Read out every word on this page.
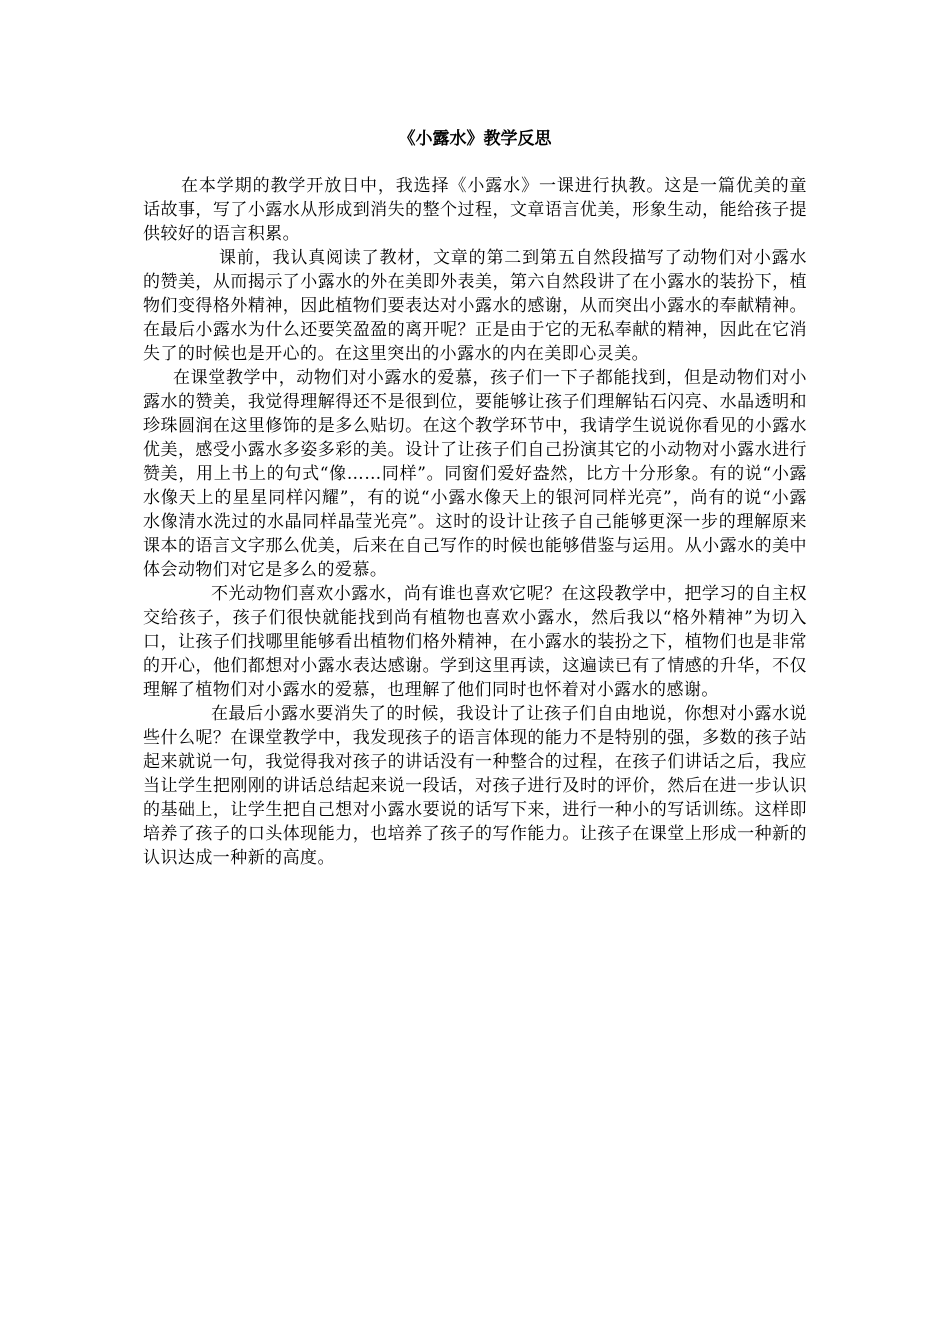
《小露水》教学反思

在本学期的教学开放日中，我选择《小露水》一课进行执教。这是一篇优美的童话故事，写了小露水从形成到消失的整个过程，文章语言优美，形象生动，能给孩子提供较好的语言积累。

课前，我认真阅读了教材，文章的第二到第五自然段描写了动物们对小露水的赞美，从而揭示了小露水的外在美即外表美，第六自然段讲了在小露水的装扮下，植物们变得格外精神，因此植物们要表达对小露水的感谢，从而突出小露水的奉献精神。在最后小露水为什么还要笑盈盈的离开呢？正是由于它的无私奉献的精神，因此在它消失了的时候也是开心的。在这里突出的小露水的内在美即心灵美。

在课堂教学中，动物们对小露水的爱慕，孩子们一下子都能找到，但是动物们对小露水的赞美，我觉得理解得还不是很到位，要能够让孩子们理解钻石闪亮、水晶透明和珍珠圆润在这里修饰的是多么贴切。在这个教学环节中，我请学生说说你看见的小露水优美，感受小露水多姿多彩的美。设计了让孩子们自己扮演其它的小动物对小露水进行赞美，用上书上的句式“像……同样”。同窗们爱好盎然，比方十分形象。有的说“小露水像天上的星星同样闪耀”，有的说“小露水像天上的银河同样光亮”，尚有的说“小露水像清水洗过的水晶同样晶莹光亮”。这时的设计让孩子自己能够更深一步的理解原来课本的语言文字那么优美，后来在自己写作的时候也能够借鉴与运用。从小露水的美中体会动物们对它是多么的爱慕。

不光动物们喜欢小露水，尚有谁也喜欢它呢？在这段教学中，把学习的自主权交给孩子，孩子们很快就能找到尚有植物也喜欢小露水，然后我以“格外精神”为切入口，让孩子们找哪里能够看出植物们格外精神，在小露水的装扮之下，植物们也是非常的开心，他们都想对小露水表达感谢。学到这里再读，这遍读已有了情感的升华，不仅理解了植物们对小露水的爱慕，也理解了他们同时也怀着对小露水的感谢。

在最后小露水要消失了的时候，我设计了让孩子们自由地说，你想对小露水说些什么呢？在课堂教学中，我发现孩子的语言体现的能力不是特别的强，多数的孩子站起来就说一句，我觉得我对孩子的讲话没有一种整合的过程，在孩子们讲话之后，我应当让学生把刚刚的讲话总结起来说一段话，对孩子进行及时的评价，然后在进一步认识的基础上，让学生把自己想对小露水要说的话写下来，进行一种小的写话训练。这样即培养了孩子的口头体现能力，也培养了孩子的写作能力。让孩子在课堂上形成一种新的认识达成一种新的高度。
